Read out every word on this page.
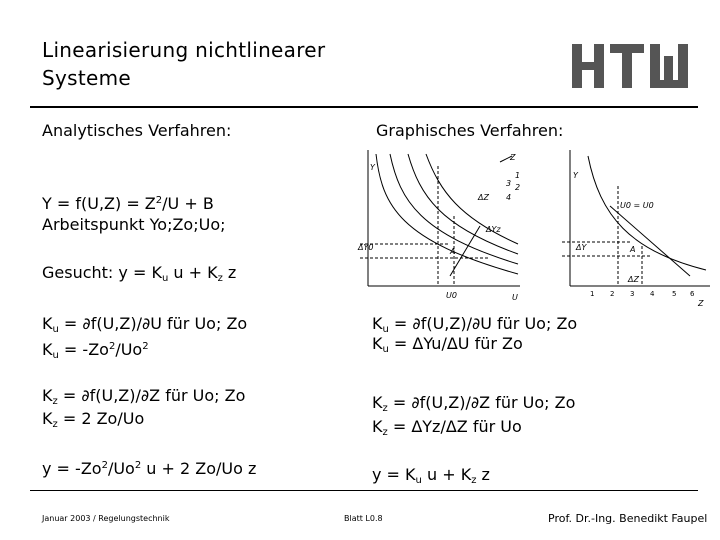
Linearisierung nichtlinearer
Systeme
HTW
Analytisches Verfahren:
$Y = f(U,Z) = Z^2/U + B$
Arbeitspunkt Yo;Zo;Uo;
Gesucht: $y = K_u$ $u + K_z$ z
$K_u = \partial f(U,Z)/\partial U$ für Uo; Zo
$K_u = -Zo^2/Uo^2$
$K_z = \partial f(U,Z)/\partial Z$ für Uo; Zo
$K_z = 2$ Zo/Uo
$y = -Zo^2/Uo^2$ u + 2 Zo/Uo z
Graphisches Verfahren:
Y
U
Z
1
2
3
4
ΔZ
ΔYz
A
U0
ΔY0
Y
Z
U0 = U0
ΔY	A
ΔZ
1 2 3 4	5 6
$K_u = \partial f(U,Z)/\partial U$ für Uo; Zo
$K_u = \Delta Yu/\Delta U$ für Zo
$K_z = \partial f(U,Z)/\partial Z$ für Uo; Zo
$K_z = \Delta Yz/\Delta Z$ für Uo
$y = K_u$ $u + K_z$ z
Januar 2003 / Regelungstechnik	Blatt L0.8	Prof. Dr.-Ing. Benedikt Faupel
